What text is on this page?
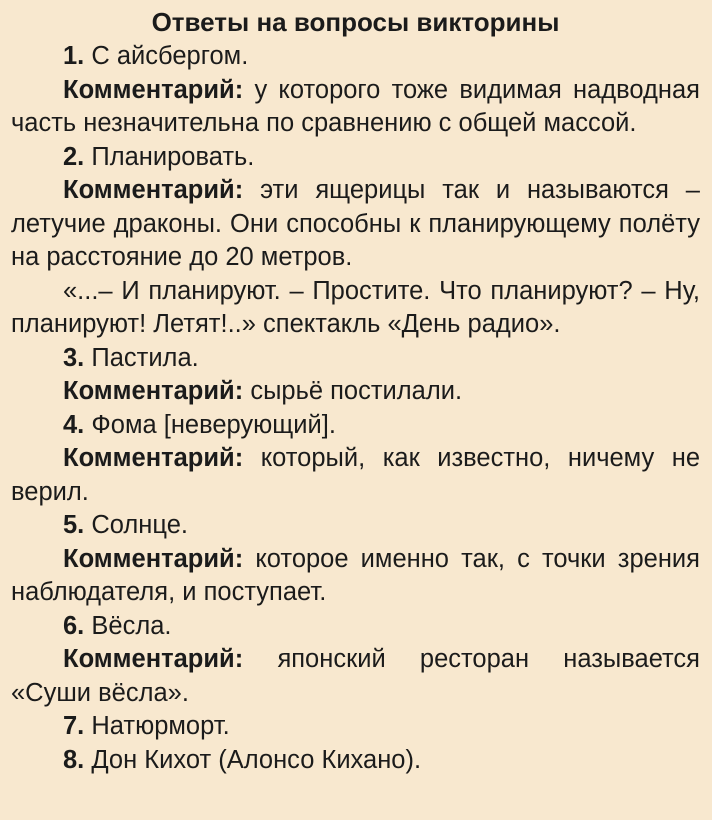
Ответы на вопросы викторины

1. С айсбергом.

Комментарий: у которого тоже видимая надводная часть незначительна по сравнению с общей массой.

2. Планировать.

Комментарий: эти ящерицы так и называются – летучие драконы. Они способны к планирующему полёту на расстояние до 20 метров.

«...– И планируют. – Простите. Что планируют? – Ну, планируют! Летят!..» спектакль «День радио».

3. Пастила.

Комментарий: сырьё постилали.

4. Фома [неверующий].

Комментарий: который, как известно, ничему не верил.

5. Солнце.

Комментарий: которое именно так, с точки зрения наблюдателя, и поступает.

6. Вёсла.

Комментарий: японский ресторан называется «Суши вёсла».

7. Натюрморт.

8. Дон Кихот (Алонсо Кихано).
